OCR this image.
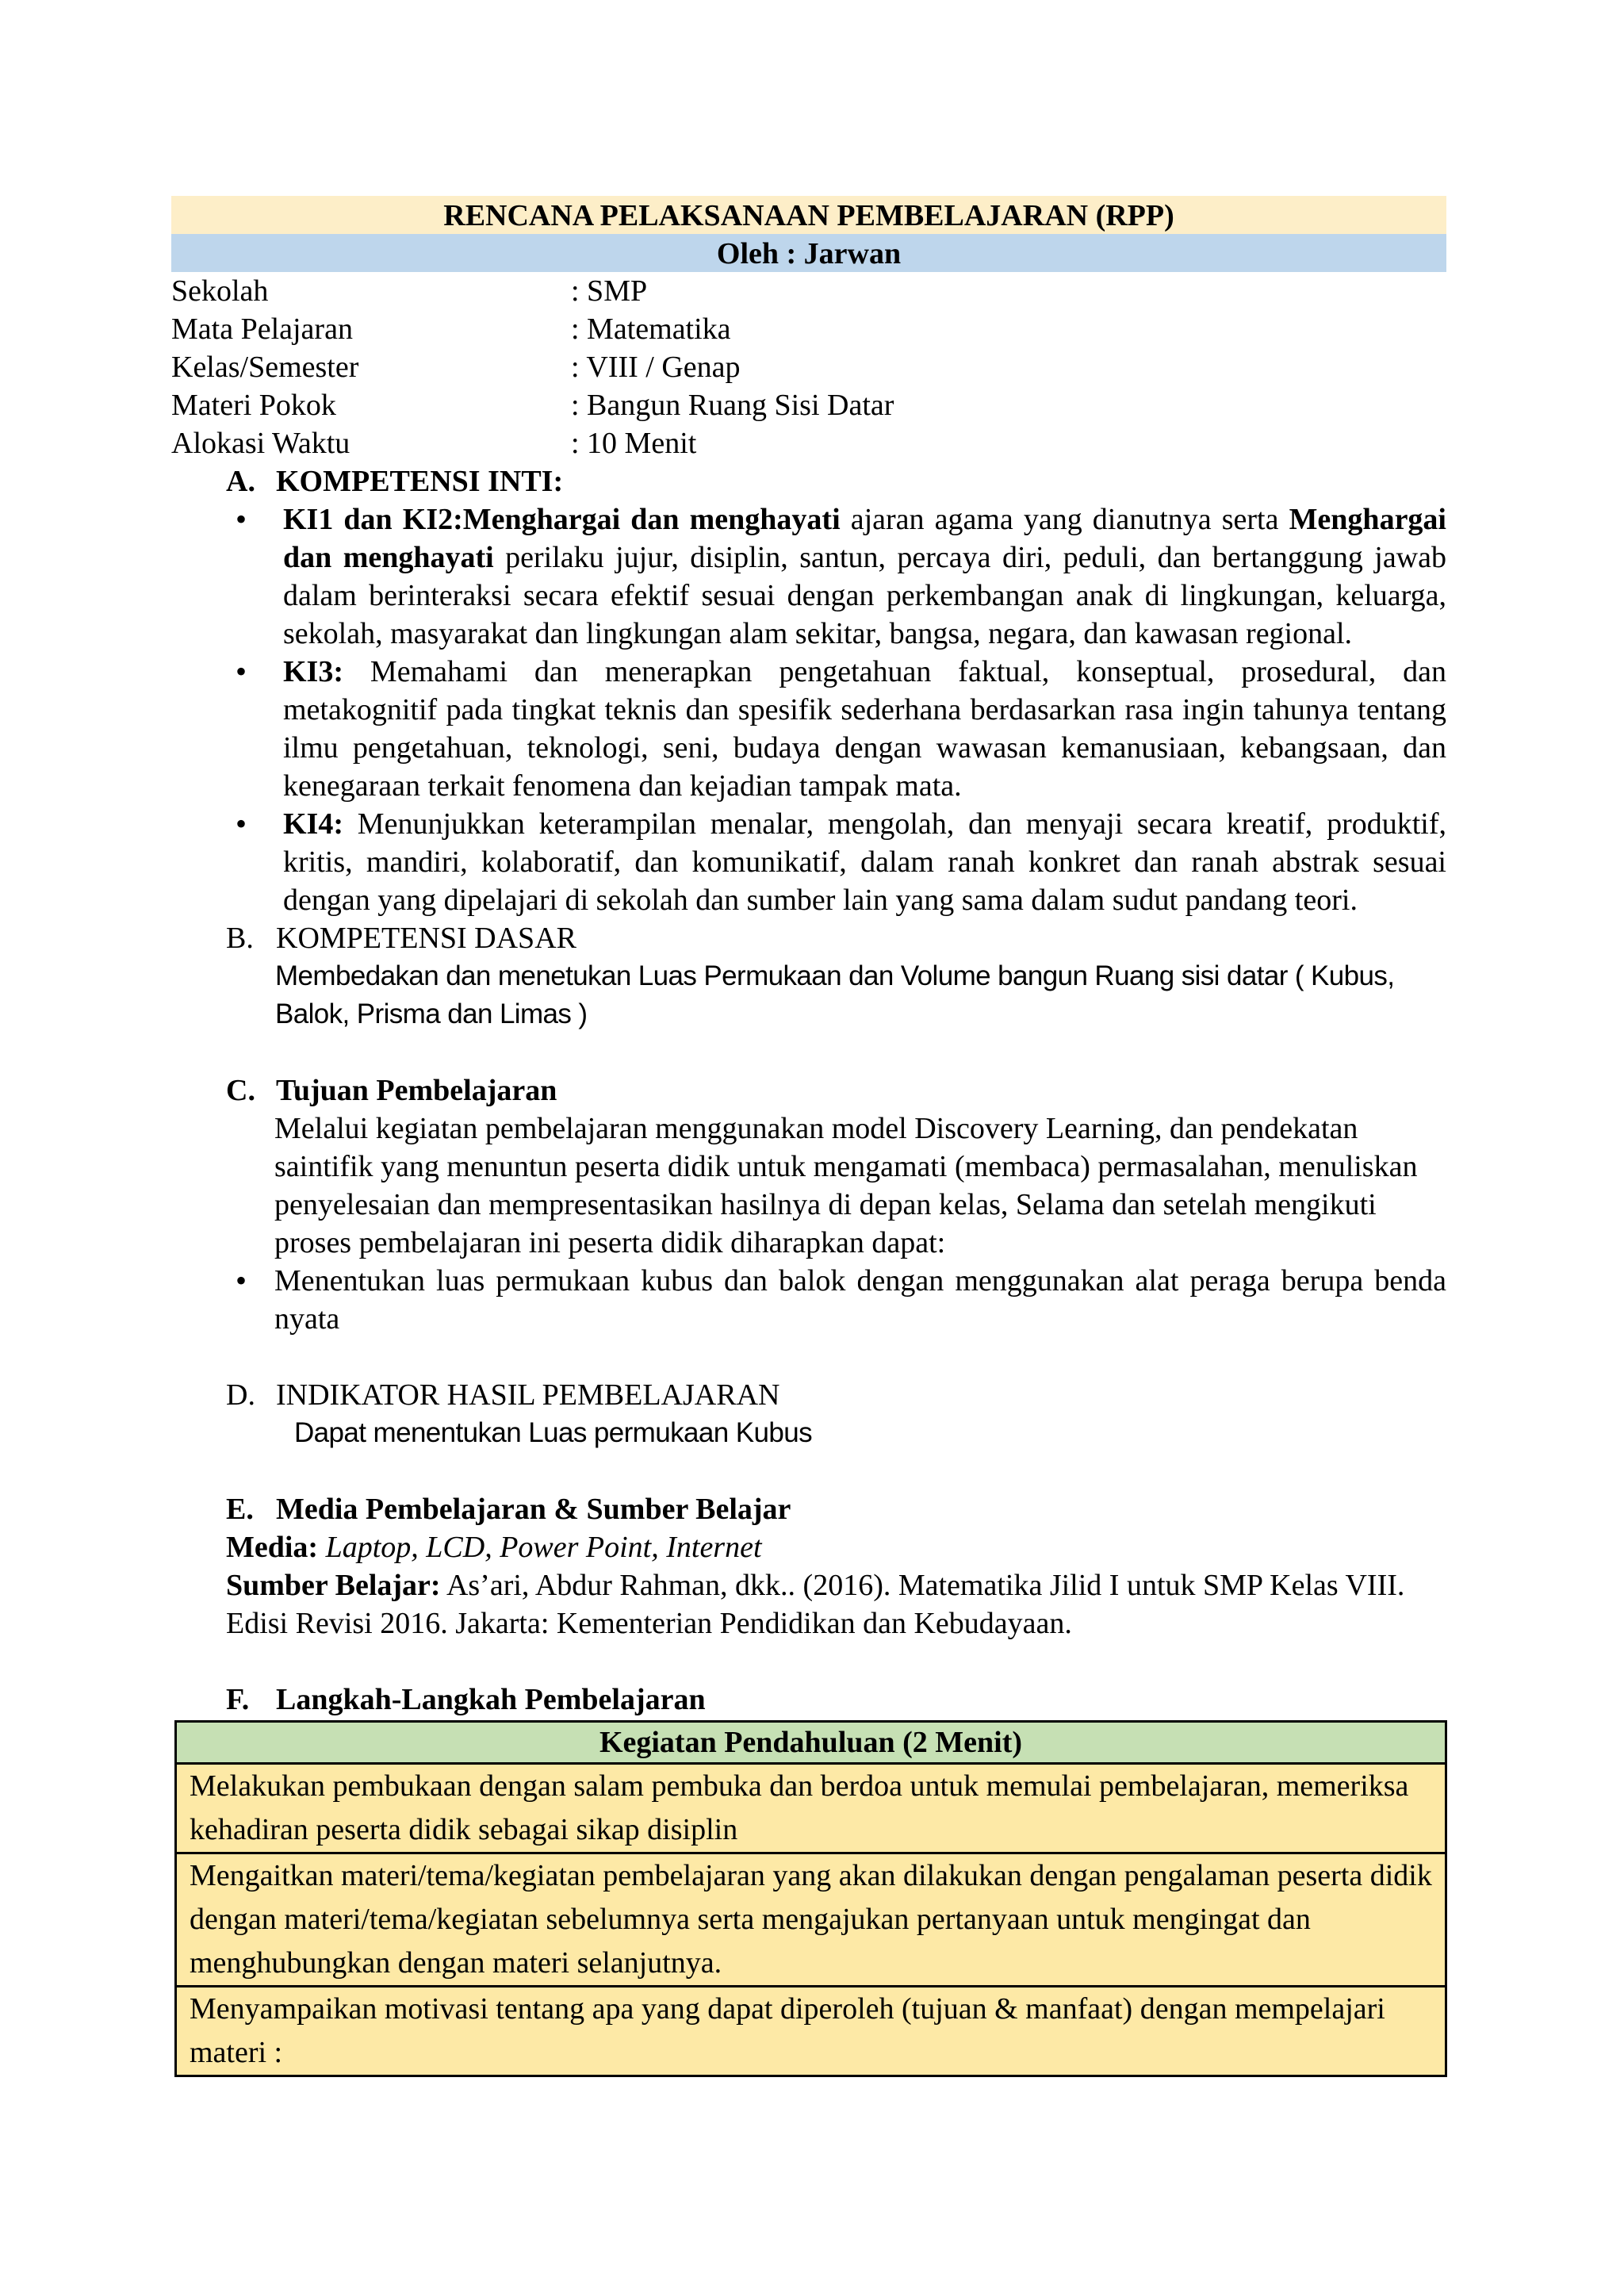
RENCANA PELAKSANAAN PEMBELAJARAN (RPP)
Oleh : Jarwan
Sekolah	: SMP
Mata Pelajaran	: Matematika
Kelas/Semester	: VIII / Genap
Materi Pokok	: Bangun Ruang Sisi Datar
Alokasi Waktu	: 10 Menit
A. KOMPETENSI INTI:
• KI1 dan KI2:Menghargai dan menghayati ajaran agama yang dianutnya serta Menghargai dan menghayati perilaku jujur, disiplin, santun, percaya diri, peduli, dan bertanggung jawab dalam berinteraksi secara efektif sesuai dengan perkembangan anak di lingkungan, keluarga, sekolah, masyarakat dan lingkungan alam sekitar, bangsa, negara, dan kawasan regional.
• KI3: Memahami dan menerapkan pengetahuan faktual, konseptual, prosedural, dan metakognitif pada tingkat teknis dan spesifik sederhana berdasarkan rasa ingin tahunya tentang ilmu pengetahuan, teknologi, seni, budaya dengan wawasan kemanusiaan, kebangsaan, dan kenegaraan terkait fenomena dan kejadian tampak mata.
• KI4: Menunjukkan keterampilan menalar, mengolah, dan menyaji secara kreatif, produktif, kritis, mandiri, kolaboratif, dan komunikatif, dalam ranah konkret dan ranah abstrak sesuai dengan yang dipelajari di sekolah dan sumber lain yang sama dalam sudut pandang teori.
B. KOMPETENSI DASAR
Membedakan dan menetukan Luas Permukaan dan Volume bangun Ruang sisi datar ( Kubus, Balok, Prisma dan Limas )
C. Tujuan Pembelajaran
Melalui kegiatan pembelajaran menggunakan model Discovery Learning, dan pendekatan saintifik yang menuntun peserta didik untuk mengamati (membaca) permasalahan, menuliskan penyelesaian dan mempresentasikan hasilnya di depan kelas, Selama dan setelah mengikuti proses pembelajaran ini peserta didik diharapkan dapat:
• Menentukan luas permukaan kubus dan balok dengan menggunakan alat peraga berupa benda nyata
D. INDIKATOR HASIL PEMBELAJARAN
Dapat menentukan Luas permukaan Kubus
E. Media Pembelajaran & Sumber Belajar
Media: Laptop, LCD, Power Point, Internet
Sumber Belajar: As’ari, Abdur Rahman, dkk.. (2016). Matematika Jilid I untuk SMP Kelas VIII. Edisi Revisi 2016. Jakarta: Kementerian Pendidikan dan Kebudayaan.
F. Langkah-Langkah Pembelajaran
Kegiatan Pendahuluan (2 Menit)
Melakukan pembukaan dengan salam pembuka dan berdoa untuk memulai pembelajaran, memeriksa kehadiran peserta didik sebagai sikap disiplin
Mengaitkan materi/tema/kegiatan pembelajaran yang akan dilakukan dengan pengalaman peserta didik dengan materi/tema/kegiatan sebelumnya serta mengajukan pertanyaan untuk mengingat dan menghubungkan dengan materi selanjutnya.
Menyampaikan motivasi tentang apa yang dapat diperoleh (tujuan & manfaat) dengan mempelajari materi :
